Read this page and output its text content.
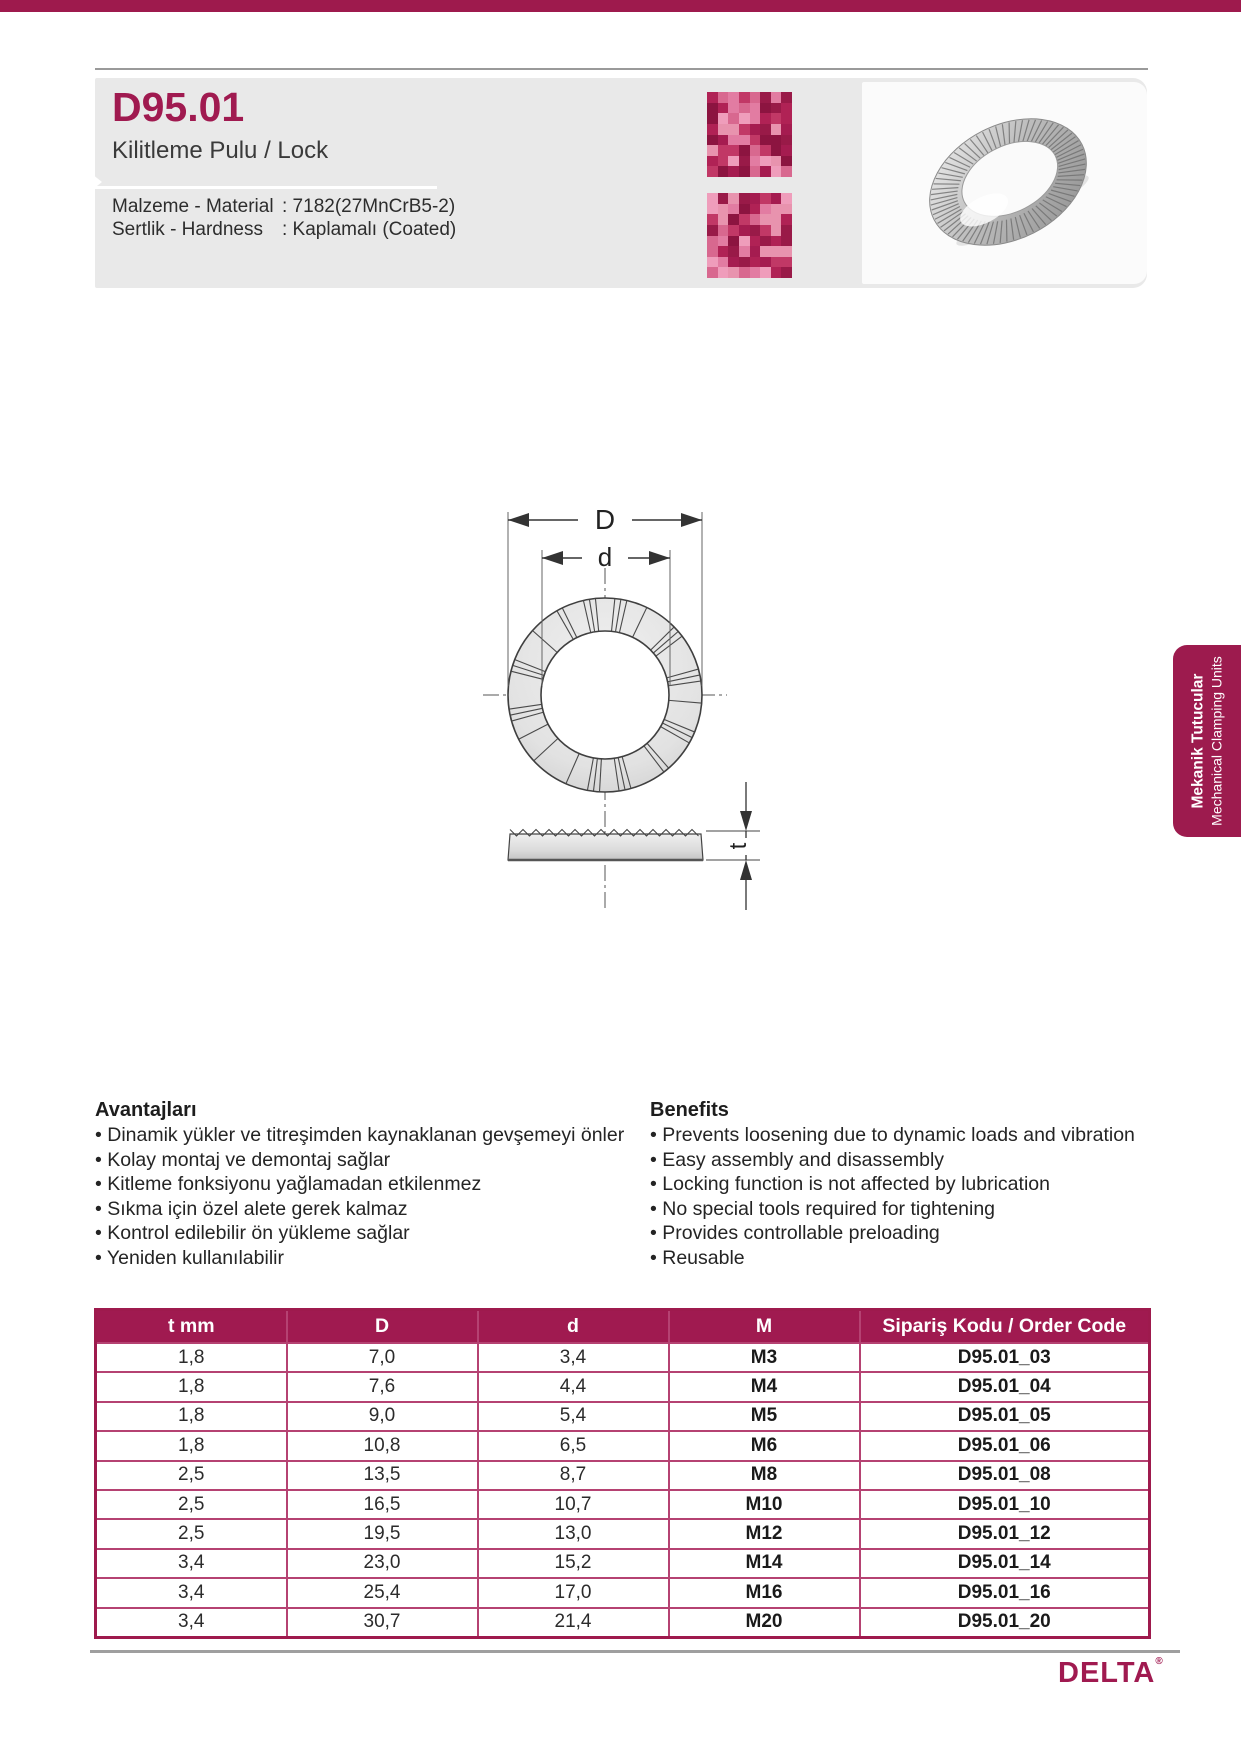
D95.01
Kilitleme Pulu / Lock
Malzeme - Material : 7182(27MnCrB5-2)
Sertlik - Hardness	: Kaplamalı (Coated)
D
d
t
Mekanik Tutucular Mechanical Clamping Units
Avantajları
• Dinamik yükler ve titreşimden kaynaklanan gevşemeyi önler
• Kolay montaj ve demontaj sağlar
• Kitleme fonksiyonu yağlamadan etkilenmez
• Sıkma için özel alete gerek kalmaz
• Kontrol edilebilir ön yükleme sağlar
• Yeniden kullanılabilir
Benefits
• Prevents loosening due to dynamic loads and vibration
• Easy assembly and disassembly
• Locking function is not affected by lubrication
• No special tools required for tightening
• Provides controllable preloading
• Reusable
t mm	D	d	M	Sipariş Kodu / Order Code
1,8	7,0	3,4	M3	D95.01_03
1,8	7,6	4,4	M4	D95.01_04
1,8	9,0	5,4	M5	D95.01_05
1,8	10,8	6,5	M6	D95.01_06
2,5	13,5	8,7	M8	D95.01_08
2,5	16,5	10,7	M10	D95.01_10
2,5	19,5	13,0	M12	D95.01_12
3,4	23,0	15,2	M14	D95.01_14
3,4	25,4	17,0	M16	D95.01_16
3,4	30,7	21,4	M20	D95.01_20
DELTA®
